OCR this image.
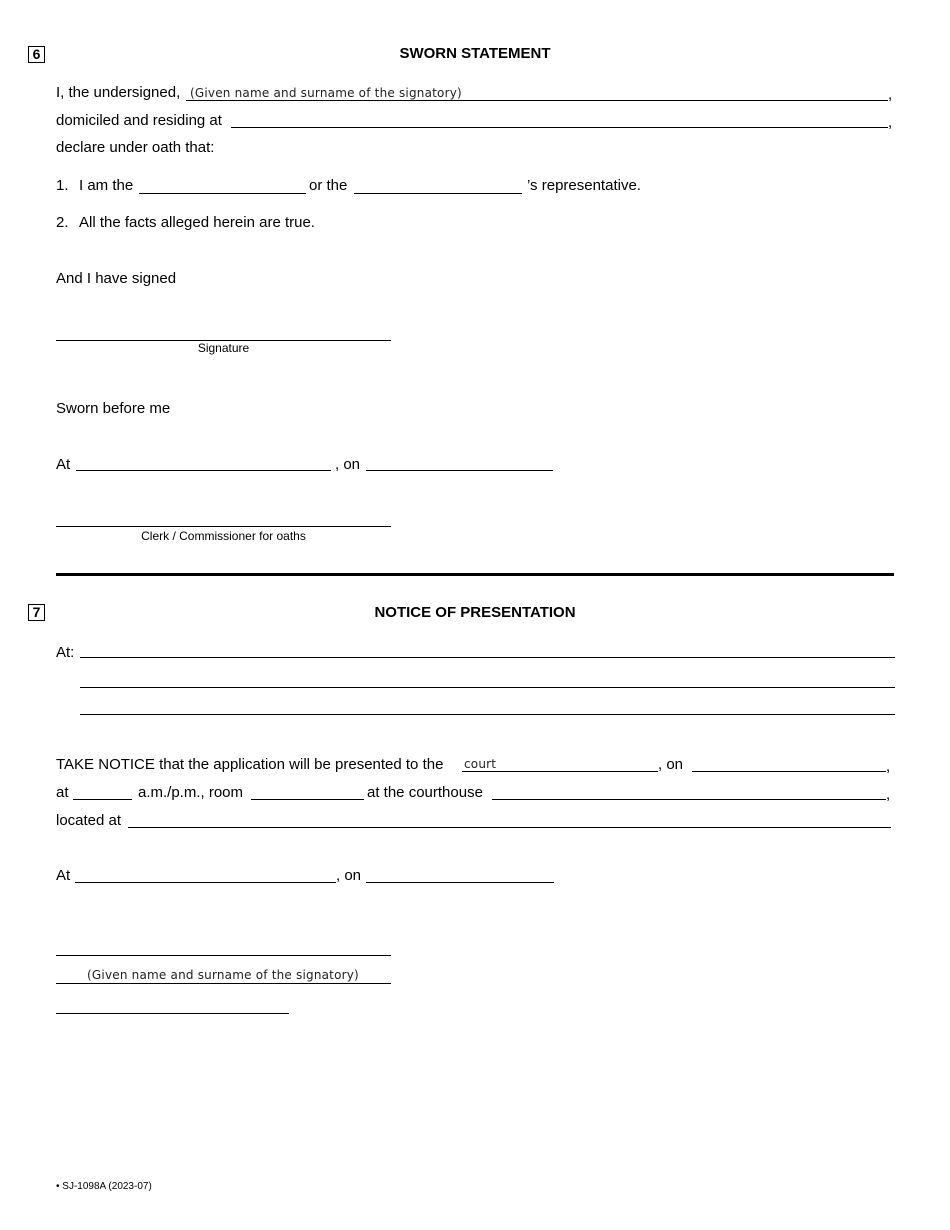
6	SWORN STATEMENT
I, the undersigned,
(Given name and surname of the signatory)	,
domiciled and residing at	,
declare under oath that:
1. I am the	or the	’s representative.
2. All the facts alleged herein are true.
And I have signed
Signature
Sworn before me
At	, on
Clerk / Commissioner for oaths
7	NOTICE OF PRESENTATION
At:
TAKE NOTICE that the application will be presented to the
court	, on	,
at	a.m./p.m., room	at the courthouse	,
located at
At	, on
(Given name and surname of the signatory)
• SJ-1098A (2023-07)
